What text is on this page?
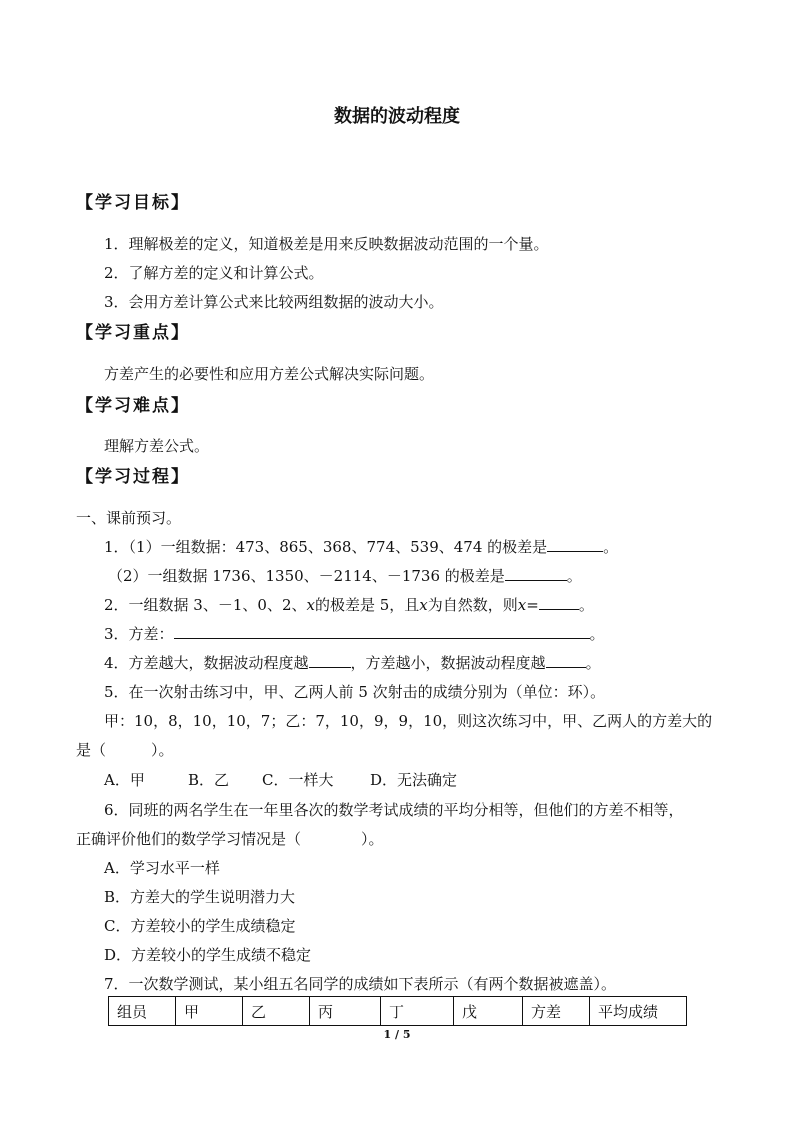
数据的波动程度
【学习目标】
1．理解极差的定义，知道极差是用来反映数据波动范围的一个量。
2．了解方差的定义和计算公式。
3．会用方差计算公式来比较两组数据的波动大小。
【学习重点】
方差产生的必要性和应用方差公式解决实际问题。
【学习难点】
理解方差公式。
【学习过程】
一、课前预习。
1．（1）一组数据：473、865、368、774、539、474 的极差是	。
（2）一组数据 1736、1350、－2114、－1736 的极差是	。
2．一组数据 3、－1、0、2、x的极差是 5，且x为自然数，则x=	。
3．方差：	。
4．方差越大，数据波动程度越	，方差越小，数据波动程度越	。
5．在一次射击练习中，甲、乙两人前 5 次射击的成绩分别为（单位：环）。
甲：10，8，10，10，7；乙：7，10，9，9，10，则这次练习中，甲、乙两人的方差大的
是（　　　）。
A．甲	B．乙 C．一样大 D．无法确定
6．同班的两名学生在一年里各次的数学考试成绩的平均分相等，但他们的方差不相等，
正确评价他们的数学学习情况是（　　　　）。
A．学习水平一样
B．方差大的学生说明潜力大
C．方差较小的学生成绩稳定
D．方差较小的学生成绩不稳定
7．一次数学测试，某小组五名同学的成绩如下表所示（有两个数据被遮盖）。
组员	甲	乙	丙	丁	戊	方差	平均成绩
1 / 5
